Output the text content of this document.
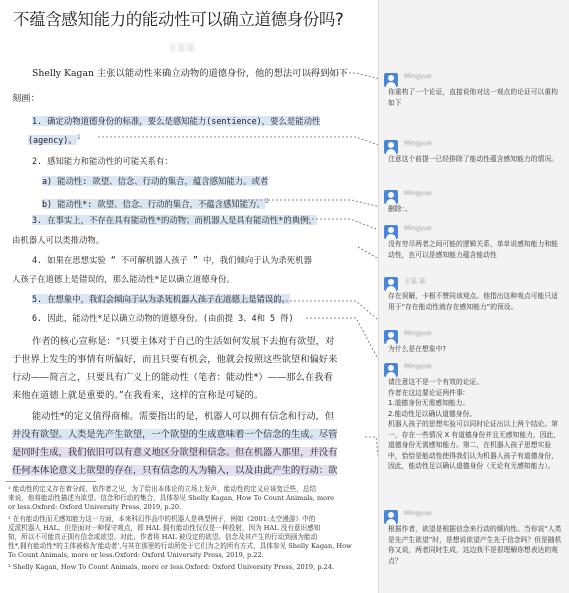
不蕴含感知能力的能动性可以确立道德身份吗?
王某某
Shelly Kagan 主张以能动性来确立动物的道德身份，他的想法可以得到如下
刻画：
1. 确定动物道德身份的标准，要么是感知能力(sentience)，要么是能动性
(agency)。$^1$
2. 感知能力和能动性的可能关系有：
a) 能动性: 欲望、信念、行动的集合，蕴含感知能力。或者
b) 能动性*: 欲望、信念、行动的集合，不蕴含感知能力。$^2$
3. 在事实上，不存在具有能动性*的动物；而机器人是具有能动性*的典例，
由机器人可以类推动物。
4. 如果在思想实验 “ 不可解机器人孩子 ” 中，我们倾向于认为杀死机器
人孩子在道德上是错误的，那么能动性*足以确立道德身份。
5. 在想象中，我们会倾向于认为杀死机器人孩子在道德上是错误的。
6. 因此，能动性*足以确立动物的道德身份。(由前提 3、4和 5 得)
作者的核心宣称是：“只要主体对于自己的生活如何发展下去抱有欲望，对
于世界上发生的事情有所偏好，而且只要有机会，他就会按照这些欲望和偏好来
行动——简言之，只要具有广义上的能动性（笔者：能动性*）——那么在我看
来他在道德上就是重要的。”在我看来，这样的宣称是可疑的。
能动性*的定义值得商榷。需要指出的是，机器人可以拥有信念和行动，但
并没有欲望。人类是先产生欲望，一个欲望的生成意味着一个信念的生成。尽管
是同时生成，我们依旧可以有意义地区分欲望和信念。但在机器人那里，并没有
任何本体论意义上欲望的存在，只有信念的人为输入，以及由此产生的行动：欲
¹ 能动性的定义存在着分歧，依作者之见，为了给出本体论的立场上发声，能动性的定义应该宽泛些，总结
来说，他将能动性描述为欲望、信念和行动的集合，具体参见 Shelly Kagan, How To Count Animals, more
or less.Oxford: Oxford University Press, 2019, p.20.
² 在有能动性而无感知能力这一方面，本来科幻作品中的机器人是典型例子，例如《2001:太空漫游》中的
反派机器人 HAL。但是面对一种保守观点，即 HAL 拥有能动性仅仅是一种投射，因为 HAL 没有意识感知
知，所以不可能真正拥有信念或欲望。对此，作者将 HAL 被设定的欲望、信念及其产生的行动到画为能动
性*,拥有能动性*的主体被称为'能动者',与其在那里的行动所处于它们为之的所有方式，具体参见 Shelly Kagan, How
To Count Animals, more or less.Oxford: Oxford University Press, 2019, p.22.
³ Shelly Kagan, How To Count Animals, more or less.Oxford: Oxford University Press, 2019, p.24.
Mingyue
你重构了一个论证，直接说他对这一观点的论证可以重构如下
Mingyue
注意这个前提一已经排除了能动性蕴含感知能力的情况。
Mingyue
删除：。
Mingyue
没有穷尽两者之间可能的逻辑关系，单单说感知能力和能动性，也可以是感知能力蕴含能动性
王某 某
存在误解，卡根不赞同该观点。他指出这种观点可能只适用于“存在能动性就存在感知能力”的预设。
Mingyue
为什么是在想象中?
Mingyue
请注意这不是一个有效的论证。
作者在这边要论证两件事:
1.道德身份无需感知能力。
2.能动性足以确认道德身份。
机器人孩子的思想实验可以同时论证出以上两个结论。第一，存在一些情况 X 有道德身份并且无感知能力，因此，道德身份无需感知能力。第二，在机器人孩子思想实验中，恰恰是能动性使得我们认为机器人孩子有道德身份，因此，能动性足以确认道德身份（无论有无感知能力）。
Mingyue
根据作者，欲望是根据信念来行动的倾向性。当你说“人类是先产生欲望”时，是想说欲望产生先于信念吗？但是随机你又说，两者同时生成，这边我不是很理解你想表达的观点？
